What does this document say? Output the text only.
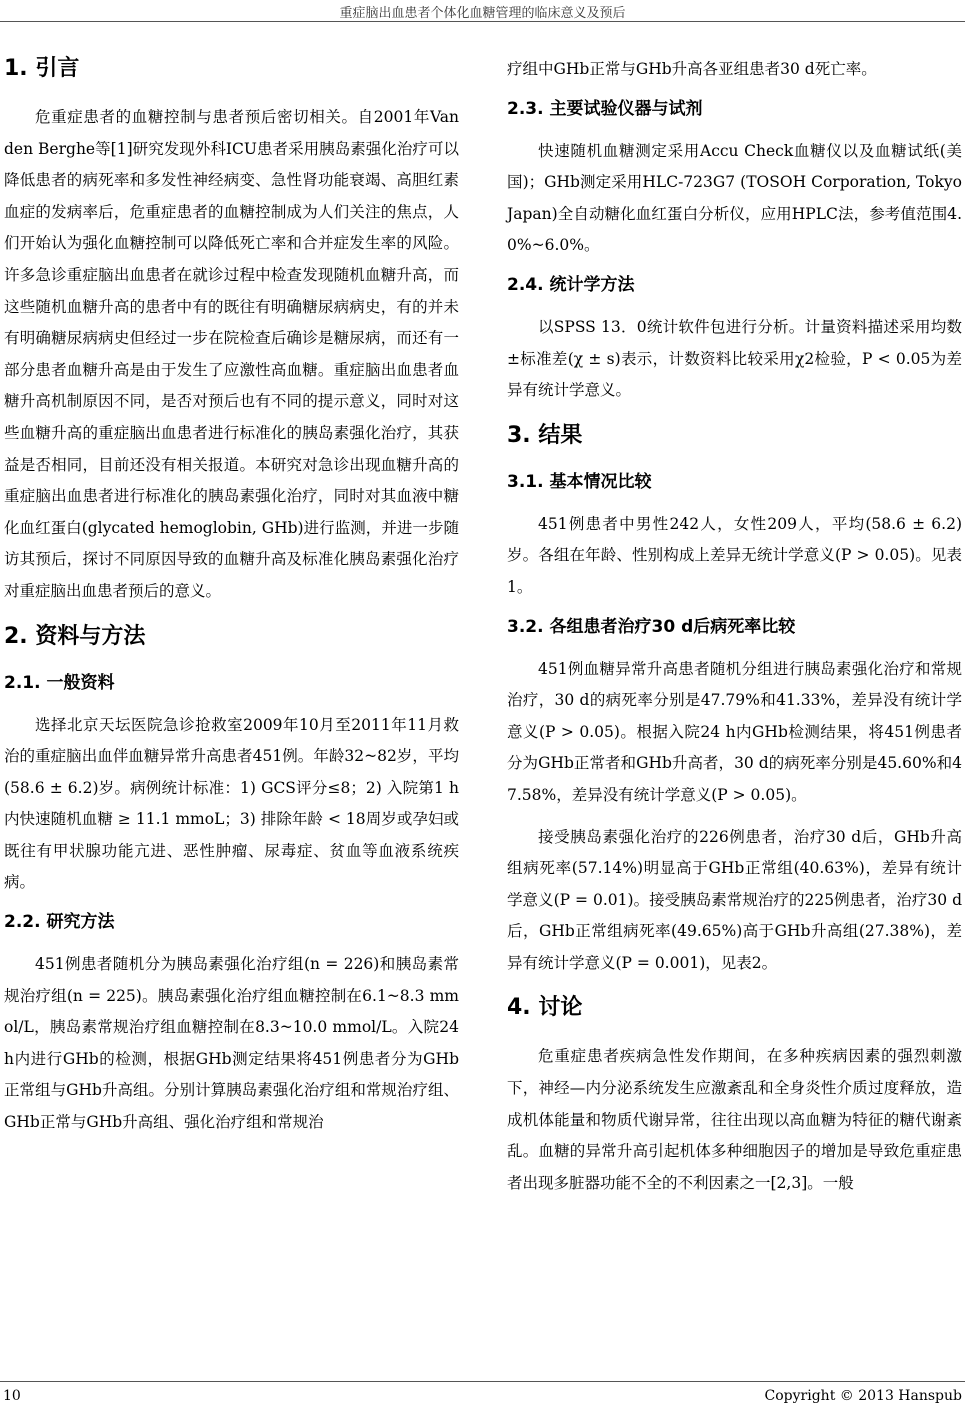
重症脑出血患者个体化血糖管理的临床意义及预后
1. 引言

危重症患者的血糖控制与患者预后密切相关。自2001年Van den Berghe等[1]研究发现外科ICU患者采用胰岛素强化治疗可以降低患者的病死率和多发性神经病变、急性肾功能衰竭、高胆红素血症的发病率后，危重症患者的血糖控制成为人们关注的焦点，人们开始认为强化血糖控制可以降低死亡率和合并症发生率的风险。许多急诊重症脑出血患者在就诊过程中检查发现随机血糖升高，而这些随机血糖升高的患者中有的既往有明确糖尿病病史，有的并未有明确糖尿病病史但经过一步在院检查后确诊是糖尿病，而还有一部分患者血糖升高是由于发生了应激性高血糖。重症脑出血患者血糖升高机制原因不同，是否对预后也有不同的提示意义，同时对这些血糖升高的重症脑出血患者进行标准化的胰岛素强化治疗，其获益是否相同，目前还没有相关报道。本研究对急诊出现血糖升高的重症脑出血患者进行标准化的胰岛素强化治疗，同时对其血液中糖化血红蛋白(glycated hemoglobin, GHb)进行监测，并进一步随访其预后，探讨不同原因导致的血糖升高及标准化胰岛素强化治疗对重症脑出血患者预后的意义。

2. 资料与方法
2.1. 一般资料

选择北京天坛医院急诊抢救室2009年10月至2011年11月救治的重症脑出血伴血糖异常升高患者451例。年龄32~82岁，平均(58.6 ± 6.2)岁。病例统计标准：1) GCS评分≤8；2) 入院第1 h内快速随机血糖 ≥ 11.1 mmoL；3) 排除年龄 < 18周岁或孕妇或既往有甲状腺功能亢进、恶性肿瘤、尿毒症、贫血等血液系统疾病。

2.2. 研究方法

451例患者随机分为胰岛素强化治疗组(n = 226)和胰岛素常规治疗组(n = 225)。胰岛素强化治疗组血糖控制在6.1~8.3 mmol/L，胰岛素常规治疗组血糖控制在8.3~10.0 mmol/L。入院24 h内进行GHb的检测，根据GHb测定结果将451例患者分为GHb正常组与GHb升高组。分别计算胰岛素强化治疗组和常规治疗组、GHb正常与GHb升高组、强化治疗组和常规治

疗组中GHb正常与GHb升高各亚组患者30 d死亡率。

2.3. 主要试验仪器与试剂

快速随机血糖测定采用Accu Check血糖仪以及血糖试纸(美国)；GHb测定采用HLC-723G7 (TOSOH Corporation, Tokyo Japan)全自动糖化血红蛋白分析仪，应用HPLC法，参考值范围4.0%~6.0%。

2.4. 统计学方法

以SPSS 13．0统计软件包进行分析。计量资料描述采用均数±标准差(χ ± s)表示，计数资料比较采用χ2检验，P < 0.05为差异有统计学意义。

3. 结果
3.1. 基本情况比较

451例患者中男性242人，女性209人，平均(58.6 ± 6.2)岁。各组在年龄、性别构成上差异无统计学意义(P > 0.05)。见表1。

3.2. 各组患者治疗30 d后病死率比较

451例血糖异常升高患者随机分组进行胰岛素强化治疗和常规治疗，30 d的病死率分别是47.79%和41.33%，差异没有统计学意义(P > 0.05)。根据入院24 h内GHb检测结果，将451例患者分为GHb正常者和GHb升高者，30 d的病死率分别是45.60%和47.58%，差异没有统计学意义(P > 0.05)。

接受胰岛素强化治疗的226例患者，治疗30 d后，GHb升高组病死率(57.14%)明显高于GHb正常组(40.63%)，差异有统计学意义(P = 0.01)。接受胰岛素常规治疗的225例患者，治疗30 d后，GHb正常组病死率(49.65%)高于GHb升高组(27.38%)，差异有统计学意义(P = 0.001)，见表2。

4. 讨论

危重症患者疾病急性发作期间，在多种疾病因素的强烈刺激下，神经—内分泌系统发生应激紊乱和全身炎性介质过度释放，造成机体能量和物质代谢异常，往往出现以高血糖为特征的糖代谢紊乱。血糖的异常升高引起机体多种细胞因子的增加是导致危重症患者出现多脏器功能不全的不利因素之一[2,3]。一般

10	Copyright © 2013 Hanspub
